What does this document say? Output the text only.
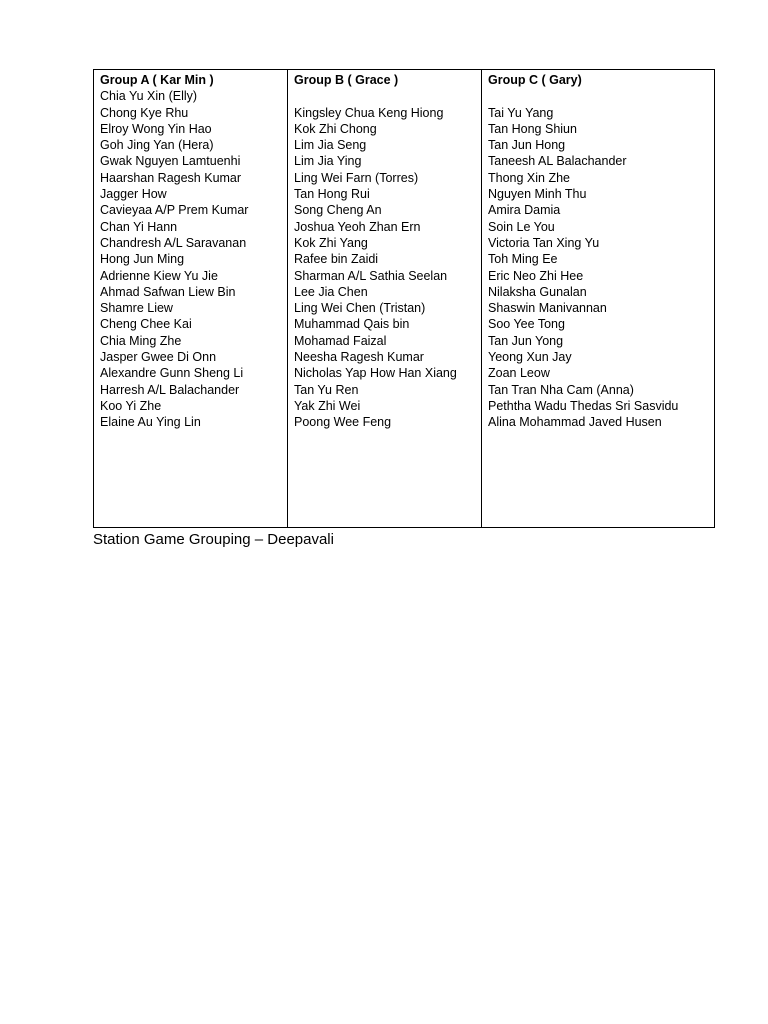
Group A ( Kar Min )
Chia Yu Xin (Elly)
Chong Kye Rhu
Elroy Wong Yin Hao
Goh Jing Yan (Hera)
Gwak Nguyen Lamtuenhi
Haarshan Ragesh Kumar
Jagger How
Cavieyaa A/P Prem Kumar
Chan Yi Hann
Chandresh A/L Saravanan
Hong Jun Ming
Adrienne Kiew Yu Jie
Ahmad Safwan Liew Bin
Shamre Liew
Cheng Chee Kai
Chia Ming Zhe
Jasper Gwee Di Onn
Alexandre Gunn Sheng Li
Harresh A/L Balachander
Koo Yi Zhe
Elaine Au Ying Lin
Group B ( Grace )
Kingsley Chua Keng Hiong
Kok Zhi Chong
Lim Jia Seng
Lim Jia Ying
Ling Wei Farn (Torres)
Tan Hong Rui
Song Cheng An
Joshua Yeoh Zhan Ern
Kok Zhi Yang
Rafee bin Zaidi
Sharman A/L Sathia Seelan
Lee Jia Chen
Ling Wei Chen (Tristan)
Muhammad Qais bin
Mohamad Faizal
Neesha Ragesh Kumar
Nicholas Yap How Han Xiang
Tan Yu Ren
Yak Zhi Wei
Poong Wee Feng
Group C ( Gary)
Tai Yu Yang
Tan Hong Shiun
Tan Jun Hong
Taneesh AL Balachander
Thong Xin Zhe
Nguyen Minh Thu
Amira Damia
Soin Le You
Victoria Tan Xing Yu
Toh Ming Ee
Eric Neo Zhi Hee
Nilaksha Gunalan
Shaswin Manivannan
Soo Yee Tong
Tan Jun Yong
Yeong Xun Jay
Zoan Leow
Tan Tran Nha Cam (Anna)
Peththa Wadu Thedas Sri Sasvidu
Alina Mohammad Javed Husen
Station Game Grouping – Deepavali
